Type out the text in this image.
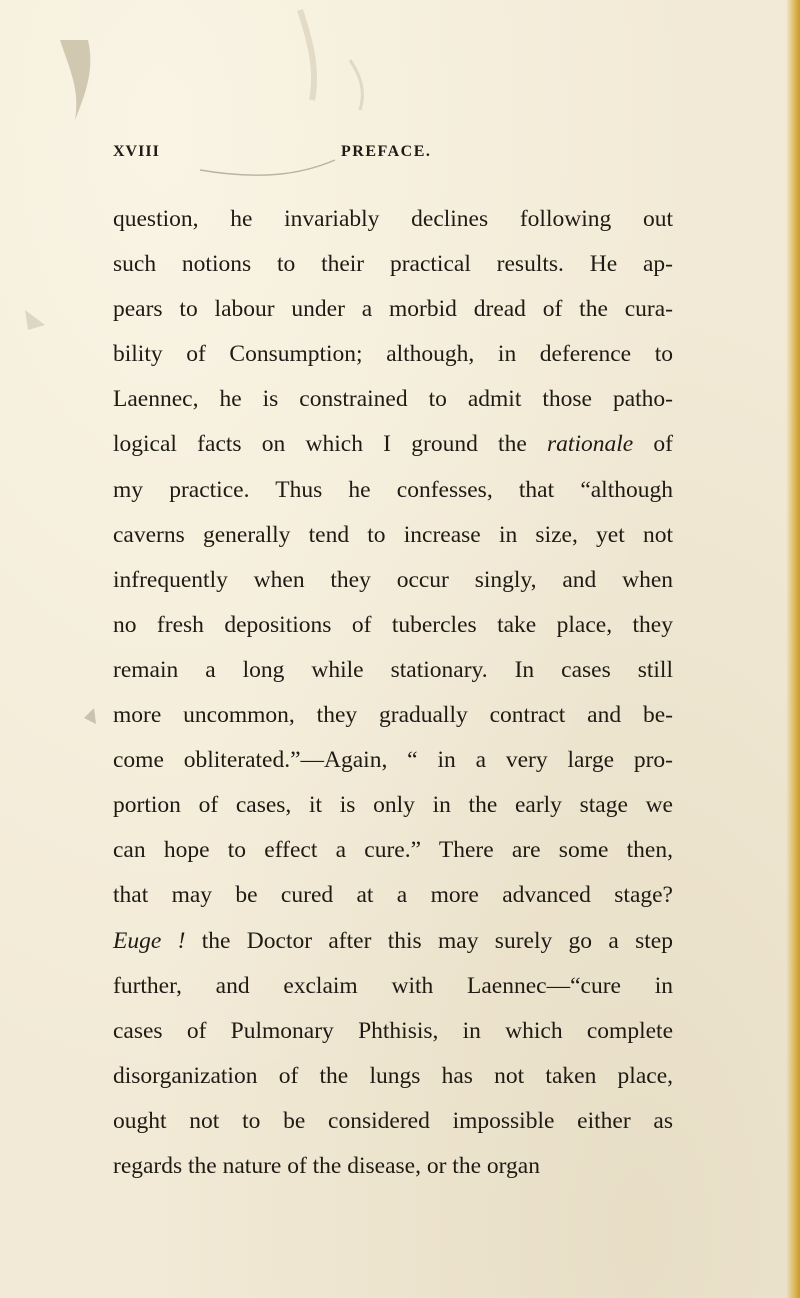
XVIII	PREFACE.
question, he invariably declines following out
such notions to their practical results. He ap-
pears to labour under a morbid dread of the cura-
bility of Consumption; although, in deference to
Laennec, he is constrained to admit those patho-
logical facts on which I ground the rationale of
my practice. Thus he confesses, that “although
caverns generally tend to increase in size, yet not
infrequently when they occur singly, and when
no fresh depositions of tubercles take place, they
remain a long while stationary. In cases still
more uncommon, they gradually contract and be-
come obliterated.”—Again, “ in a very large pro-
portion of cases, it is only in the early stage we
can hope to effect a cure.” There are some then,
that may be cured at a more advanced stage?
Euge ! the Doctor after this may surely go a step
further, and exclaim with Laennec—“cure in
cases of Pulmonary Phthisis, in which complete
disorganization of the lungs has not taken place,
ought not to be considered impossible either as
regards the nature of the disease, or the organ
